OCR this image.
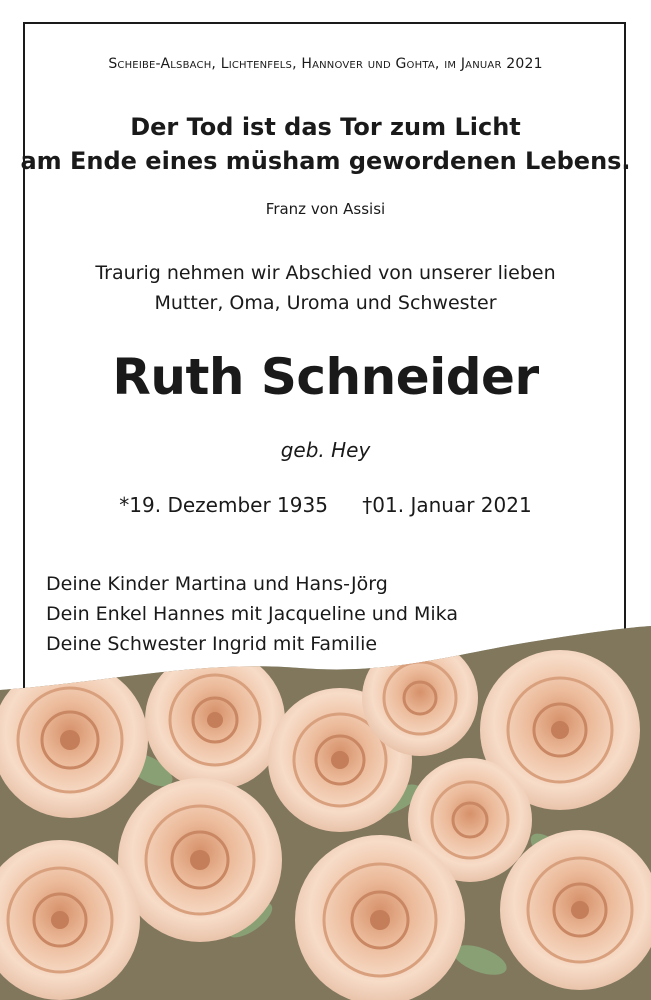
Scheibe-Alsbach, Lichtenfels, Hannover und Gohta, im Januar 2021
Der Tod ist das Tor zum Licht
am Ende eines müsham gewordenen Lebens.
Franz von Assisi
Traurig nehmen wir Abschied von unserer lieben
Mutter, Oma, Uroma und Schwester
Ruth Schneider
geb. Hey
*19. Dezember 1935 †01. Januar 2021
Deine Kinder Martina und Hans-Jörg
Dein Enkel Hannes mit Jacqueline und Mika
Deine Schwester Ingrid mit Familie
